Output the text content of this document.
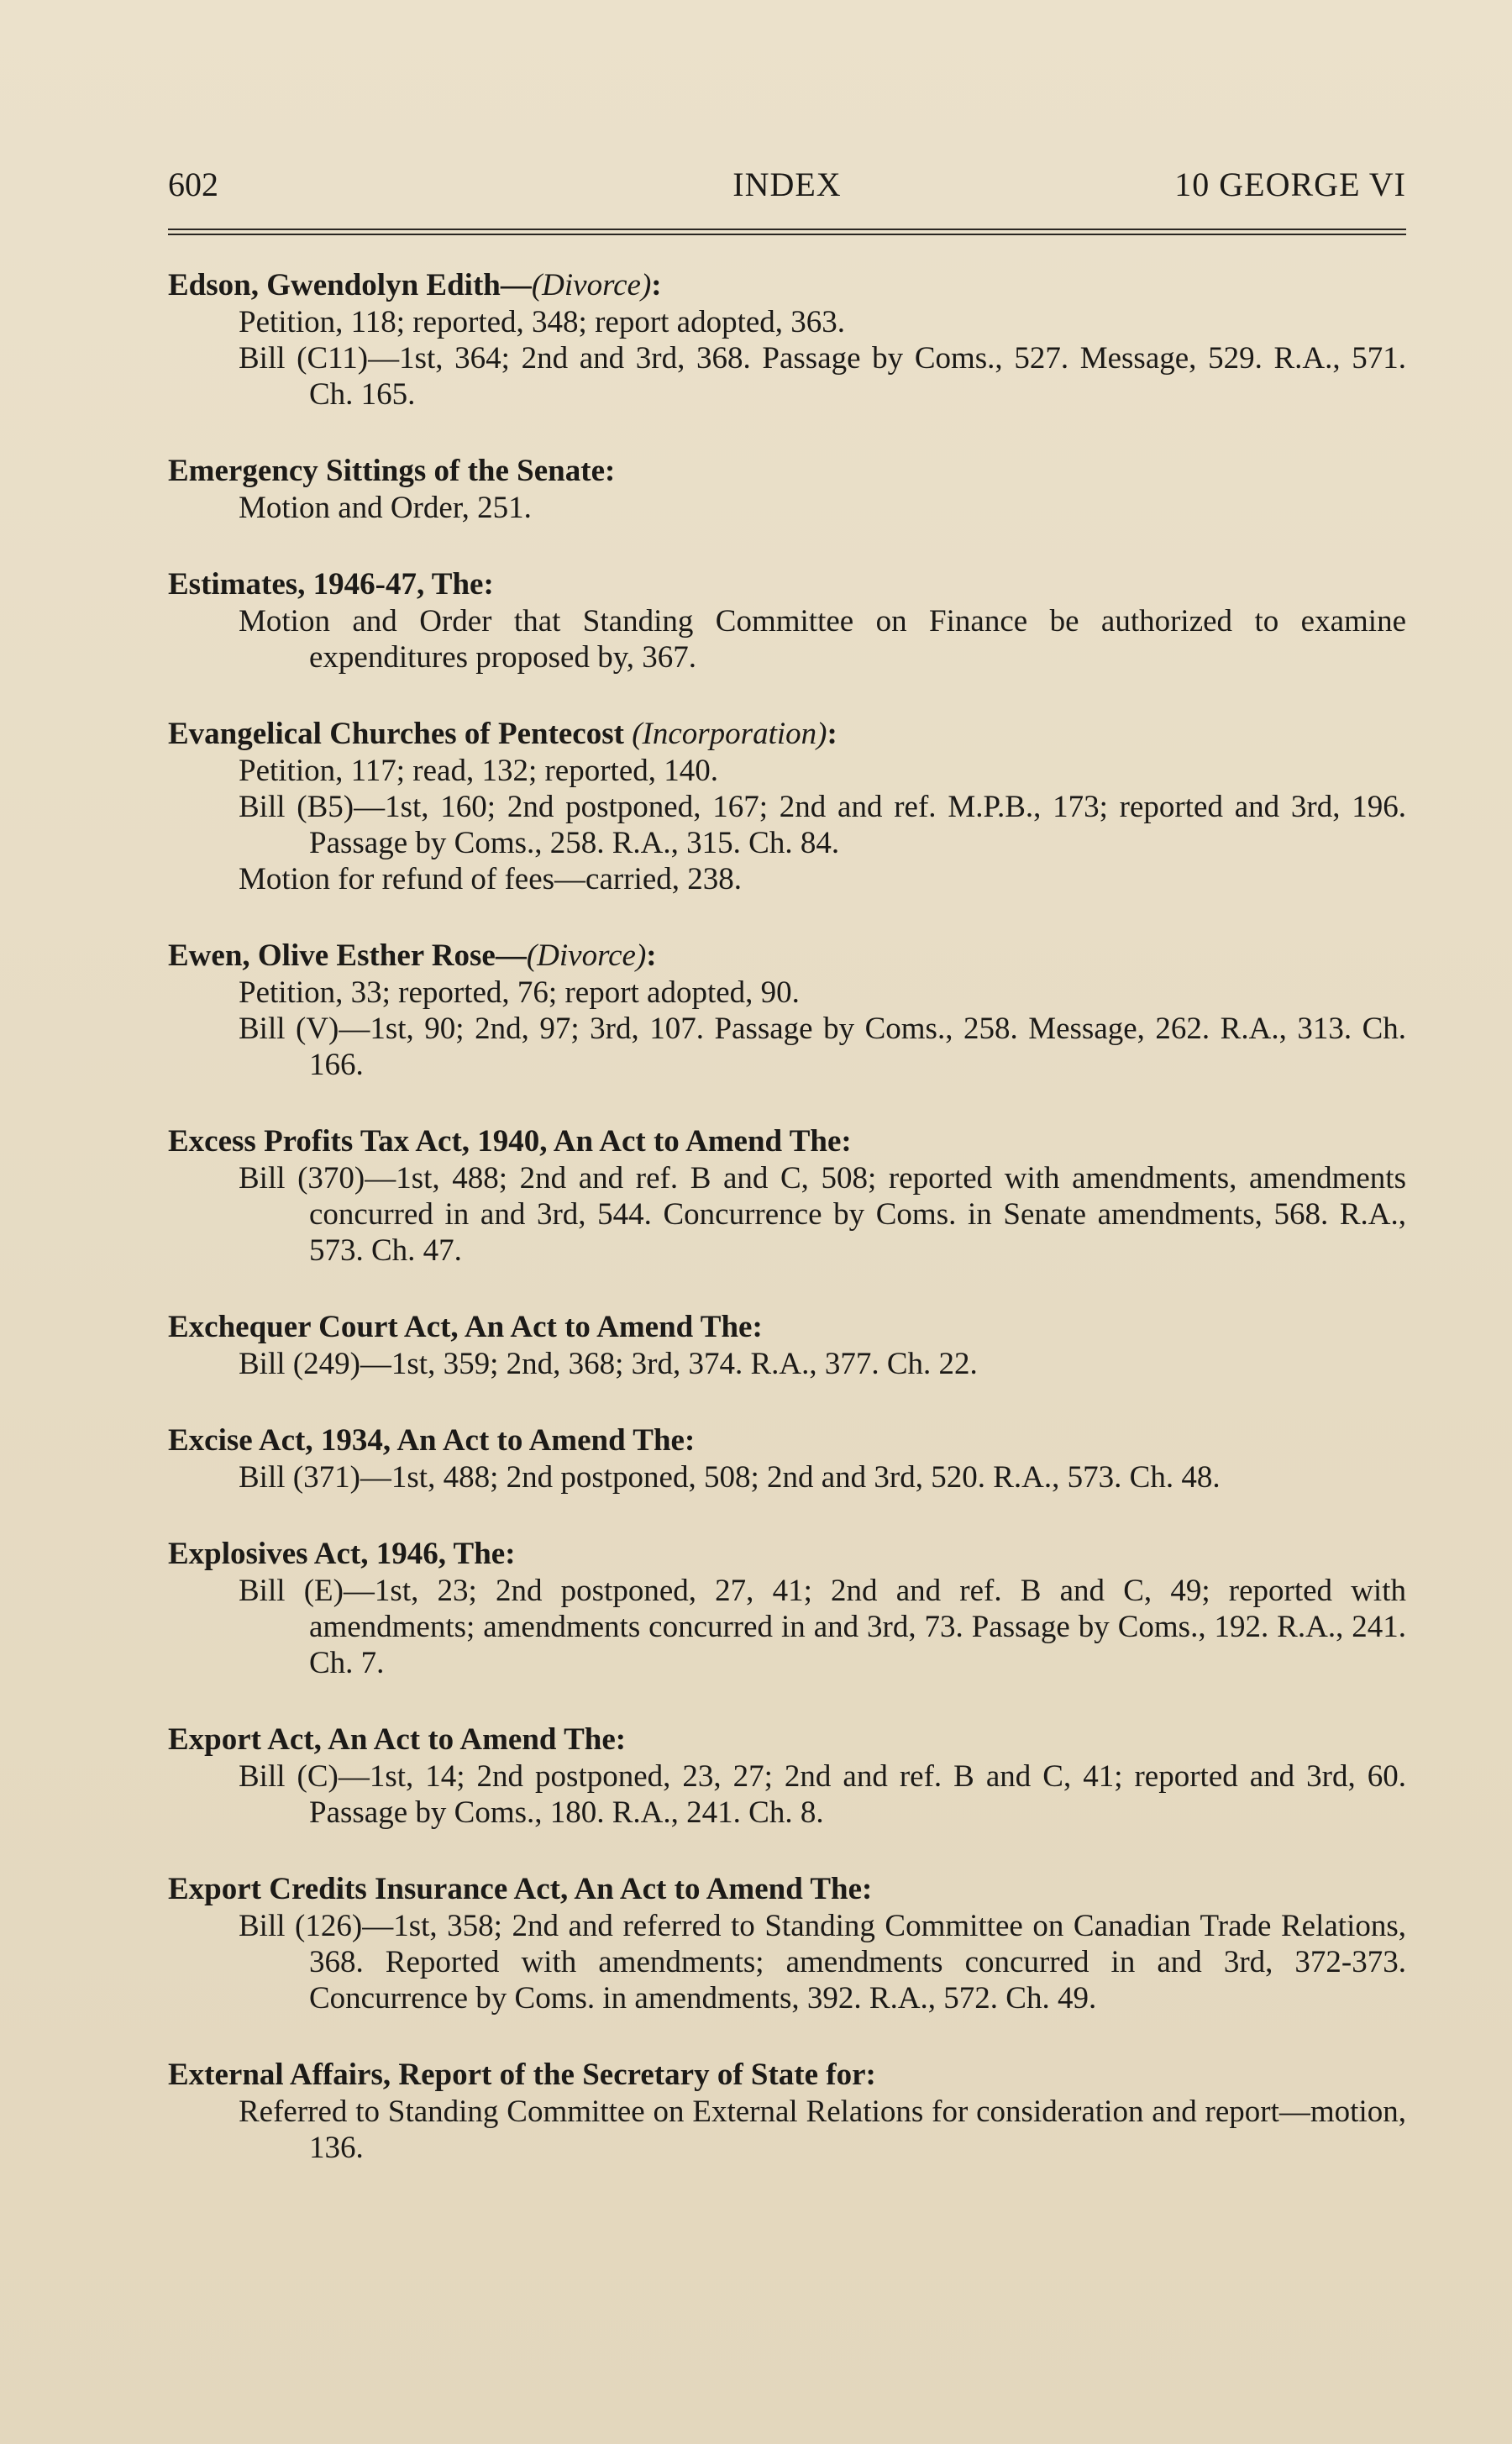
602	INDEX	10 GEORGE VI

Edson, Gwendolyn Edith—(Divorce):

Petition, 118; reported, 348; report adopted, 363.

Bill (C11)—1st, 364; 2nd and 3rd, 368. Passage by Coms., 527. Message, 529. R.A., 571. Ch. 165.

Emergency Sittings of the Senate:

Motion and Order, 251.

Estimates, 1946-47, The:

Motion and Order that Standing Committee on Finance be authorized to examine expenditures proposed by, 367.

Evangelical Churches of Pentecost (Incorporation):

Petition, 117; read, 132; reported, 140.

Bill (B5)—1st, 160; 2nd postponed, 167; 2nd and ref. M.P.B., 173; reported and 3rd, 196. Passage by Coms., 258. R.A., 315. Ch. 84.

Motion for refund of fees—carried, 238.

Ewen, Olive Esther Rose—(Divorce):

Petition, 33; reported, 76; report adopted, 90.

Bill (V)—1st, 90; 2nd, 97; 3rd, 107. Passage by Coms., 258. Message, 262. R.A., 313. Ch. 166.

Excess Profits Tax Act, 1940, An Act to Amend The:

Bill (370)—1st, 488; 2nd and ref. B and C, 508; reported with amendments, amendments concurred in and 3rd, 544. Concurrence by Coms. in Senate amendments, 568. R.A., 573. Ch. 47.

Exchequer Court Act, An Act to Amend The:

Bill (249)—1st, 359; 2nd, 368; 3rd, 374. R.A., 377. Ch. 22.

Excise Act, 1934, An Act to Amend The:

Bill (371)—1st, 488; 2nd postponed, 508; 2nd and 3rd, 520. R.A., 573. Ch. 48.

Explosives Act, 1946, The:

Bill (E)—1st, 23; 2nd postponed, 27, 41; 2nd and ref. B and C, 49; reported with amendments; amendments concurred in and 3rd, 73. Passage by Coms., 192. R.A., 241. Ch. 7.

Export Act, An Act to Amend The:

Bill (C)—1st, 14; 2nd postponed, 23, 27; 2nd and ref. B and C, 41; reported and 3rd, 60. Passage by Coms., 180. R.A., 241. Ch. 8.

Export Credits Insurance Act, An Act to Amend The:

Bill (126)—1st, 358; 2nd and referred to Standing Committee on Canadian Trade Relations, 368. Reported with amendments; amendments concurred in and 3rd, 372-373. Concurrence by Coms. in amendments, 392. R.A., 572. Ch. 49.

External Affairs, Report of the Secretary of State for:

Referred to Standing Committee on External Relations for consideration and report—motion, 136.
